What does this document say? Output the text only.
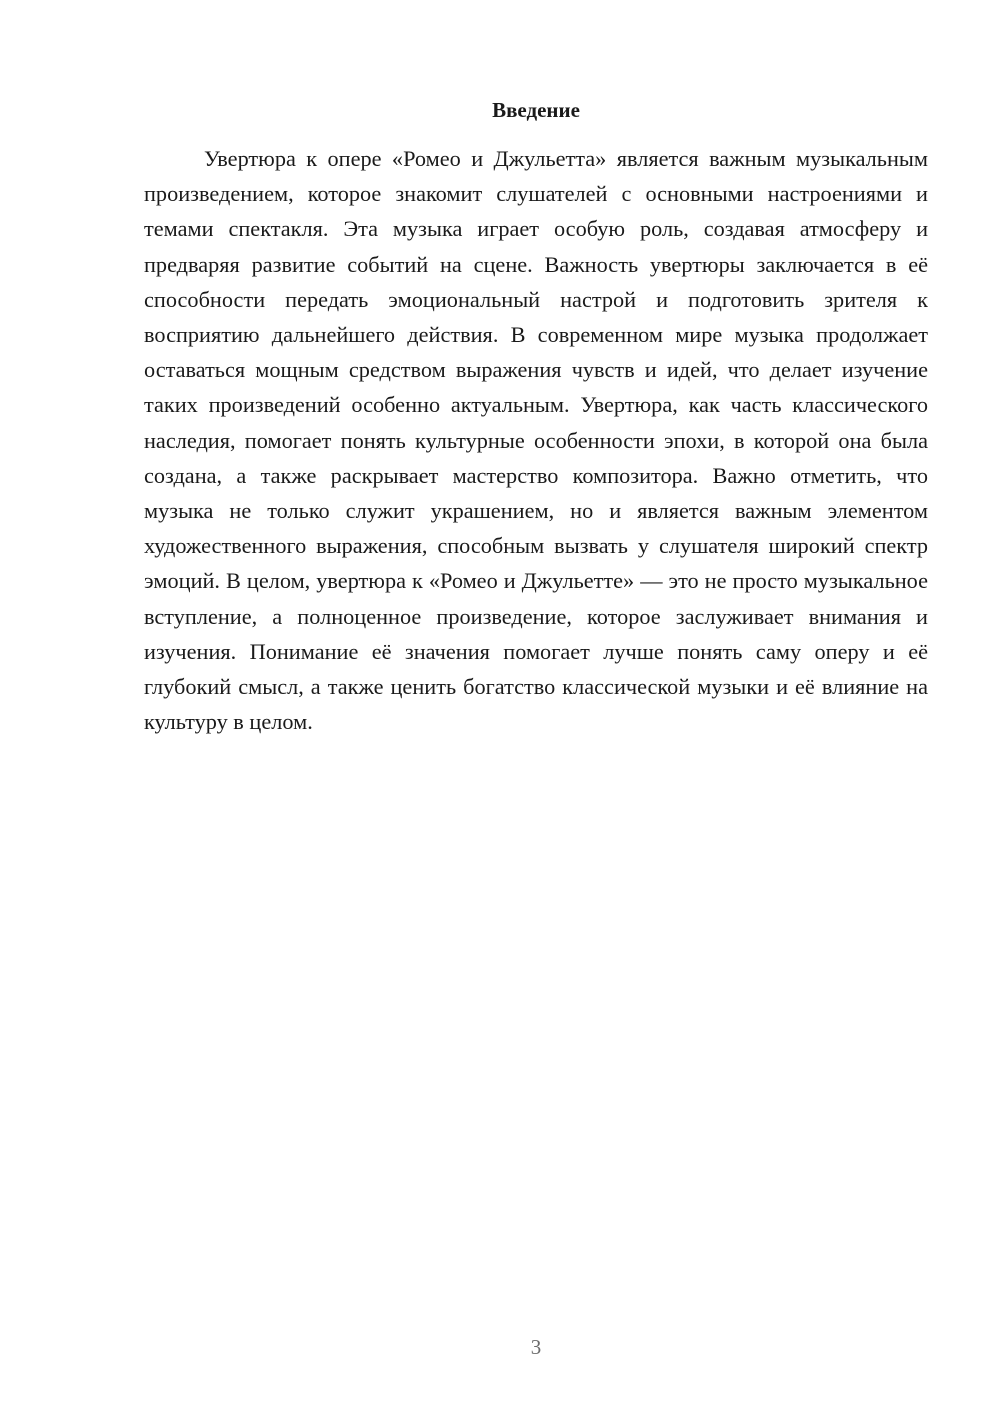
Введение

Увертюра к опере «Ромео и Джульетта» является важным музыкальным произведением, которое знакомит слушателей с основными настроениями и темами спектакля. Эта музыка играет особую роль, создавая атмосферу и предваряя развитие событий на сцене. Важность увертюры заключается в её способности передать эмоциональный настрой и подготовить зрителя к восприятию дальнейшего действия. В современном мире музыка продолжает оставаться мощным средством выражения чувств и идей, что делает изучение таких произведений особенно актуальным. Увертюра, как часть классического наследия, помогает понять культурные особенности эпохи, в которой она была создана, а также раскрывает мастерство композитора. Важно отметить, что музыка не только служит украшением, но и является важным элементом художественного выражения, способным вызвать у слушателя широкий спектр эмоций. В целом, увертюра к «Ромео и Джульетте» — это не просто музыкальное вступление, а полноценное произведение, которое заслуживает внимания и изучения. Понимание её значения помогает лучше понять саму оперу и её глубокий смысл, а также ценить богатство классической музыки и её влияние на культуру в целом.

3
